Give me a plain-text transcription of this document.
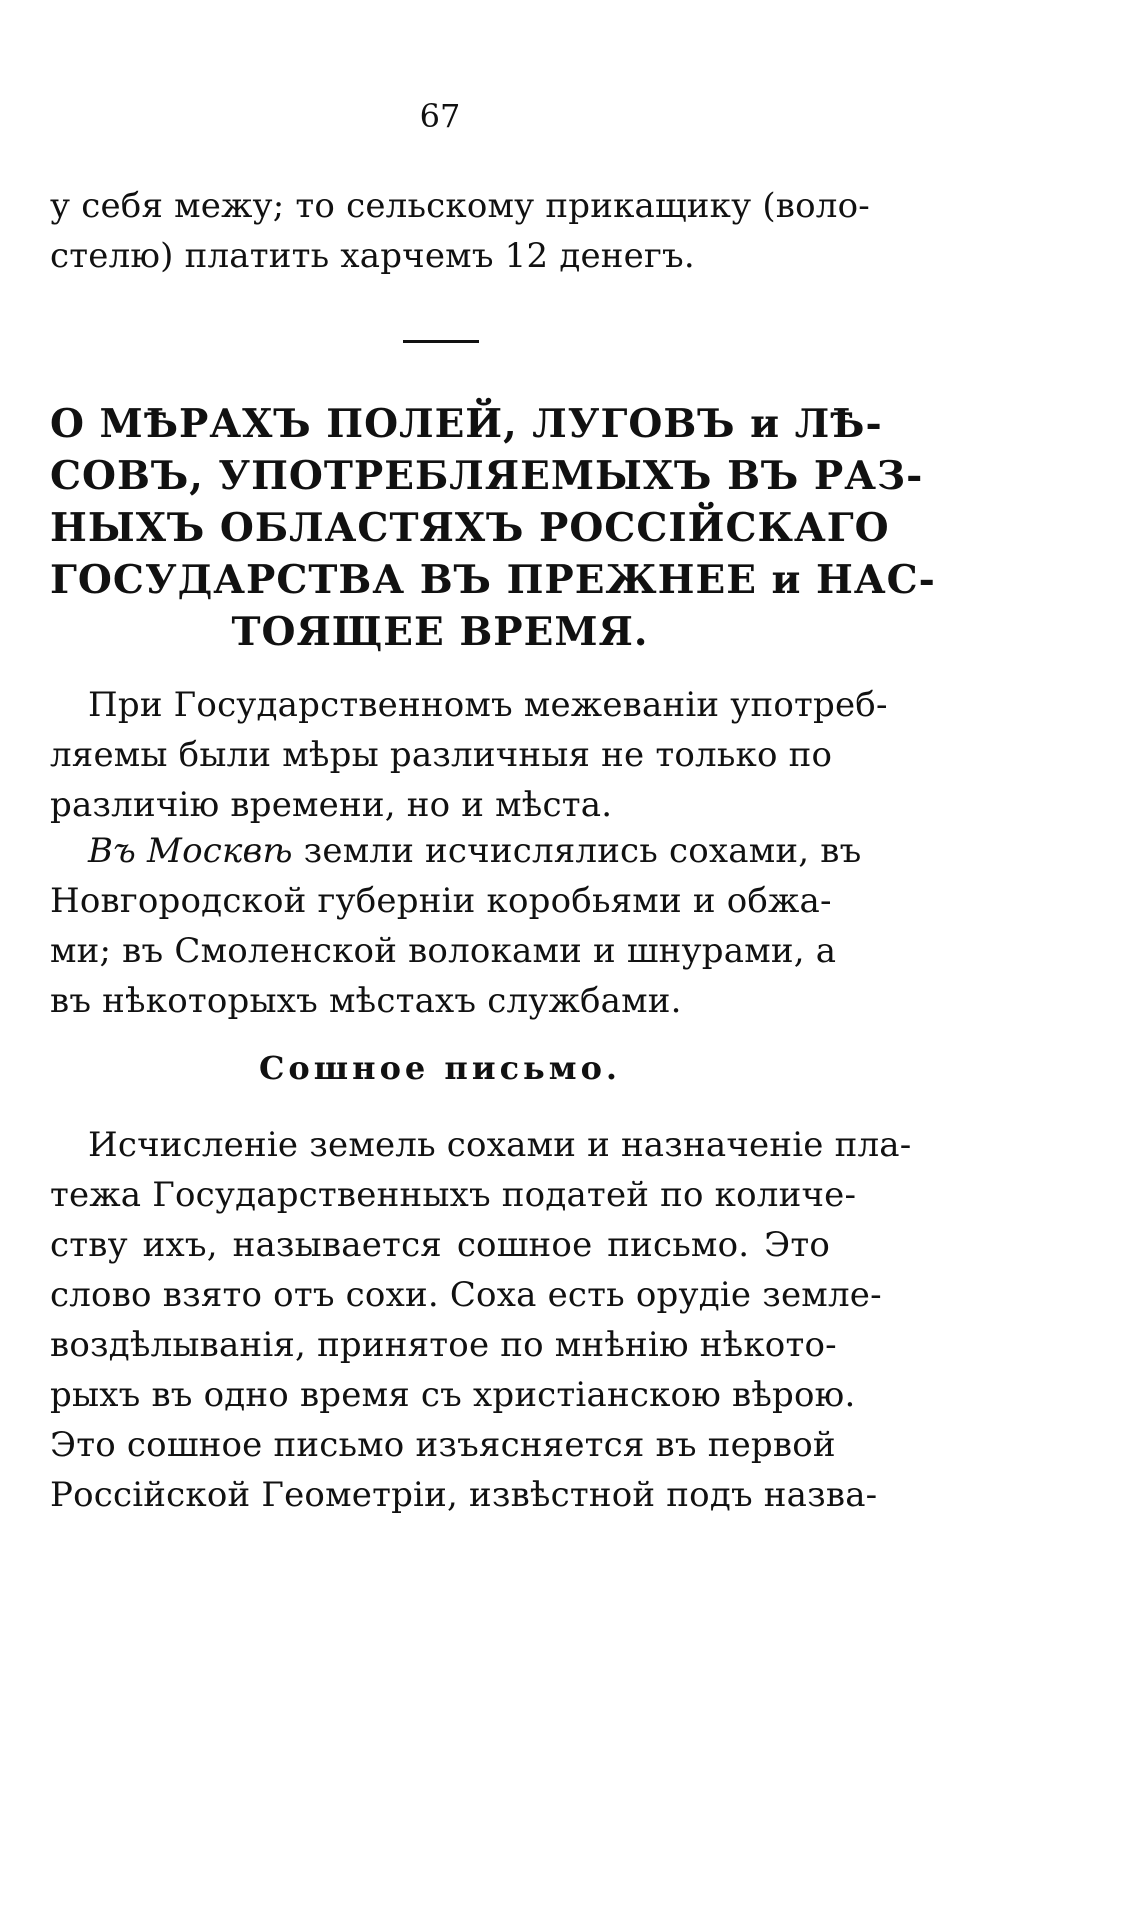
67
у себя межу; то сельскому прикащику (воло-
стелю) платить харчемъ 12 денегъ.
О МѢРАХЪ ПОЛЕЙ, ЛУГОВЪ и ЛѢ-
СОВЪ, УПОТРЕБЛЯЕМЫХЪ ВЪ РАЗ-
НЫХЪ ОБЛАСТЯХЪ РОССІЙСКАГО
ГОСУДАРСТВА ВЪ ПРЕЖНЕЕ и НАС-
ТОЯЩЕЕ ВРЕМЯ.
При Государственномъ межеваніи употреб-
ляемы были мѣры различныя не только по
различію времени, но и мѣста.
Въ Москвѣ земли исчислялись сохами, въ
Новгородской губерніи коробьями и обжа-
ми; въ Смоленской волоками и шнурами, а
въ нѣкоторыхъ мѣстахъ службами.
Сошное письмо.
Исчисленіе земель сохами и назначеніе пла-
тежа Государственныхъ податей по количе-
ству ихъ, называется сошное письмо. Это
слово взято отъ сохи. Соха есть орудіе земле-
воздѣлыванія, принятое по мнѣнію нѣкото-
рыхъ въ одно время съ христіанскою вѣрою.
Это сошное письмо изъясняется въ первой
Россійской Геометріи, извѣстной подъ назва-
